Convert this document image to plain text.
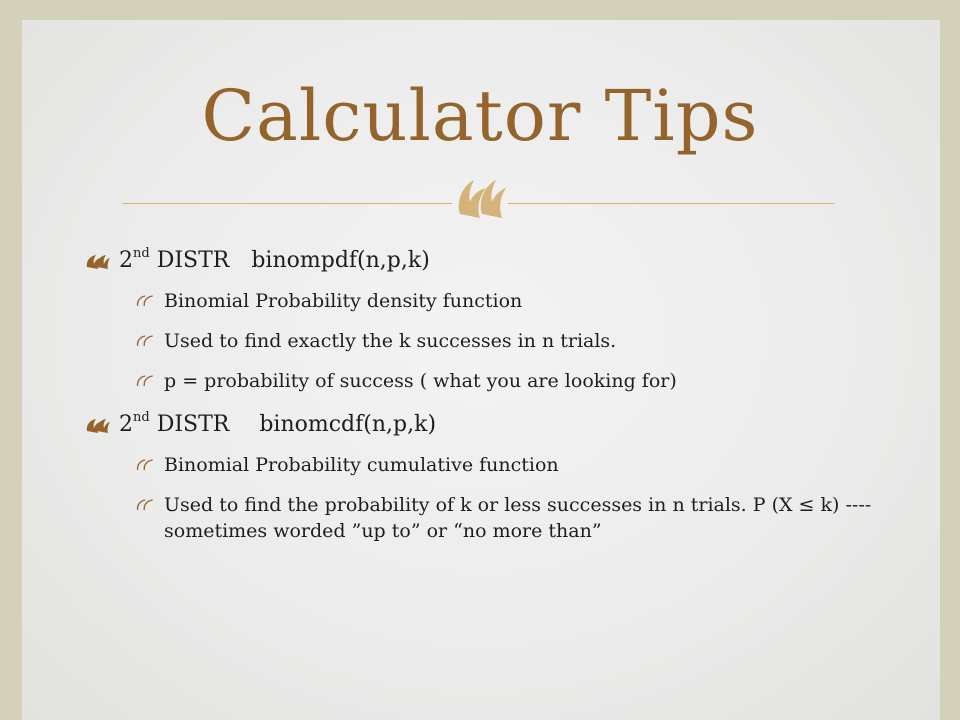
Calculator Tips
2nd DISTR binompdf(n,p,k)
Binomial Probability density function
Used to find exactly the k successes in n trials.
p = probability of success ( what you are looking for)
2nd DISTR binomcdf(n,p,k)
Binomial Probability cumulative function
Used to find the probability of k or less successes in n trials. P (X ≤ k) ---- sometimes worded ”up to” or “no more than”
